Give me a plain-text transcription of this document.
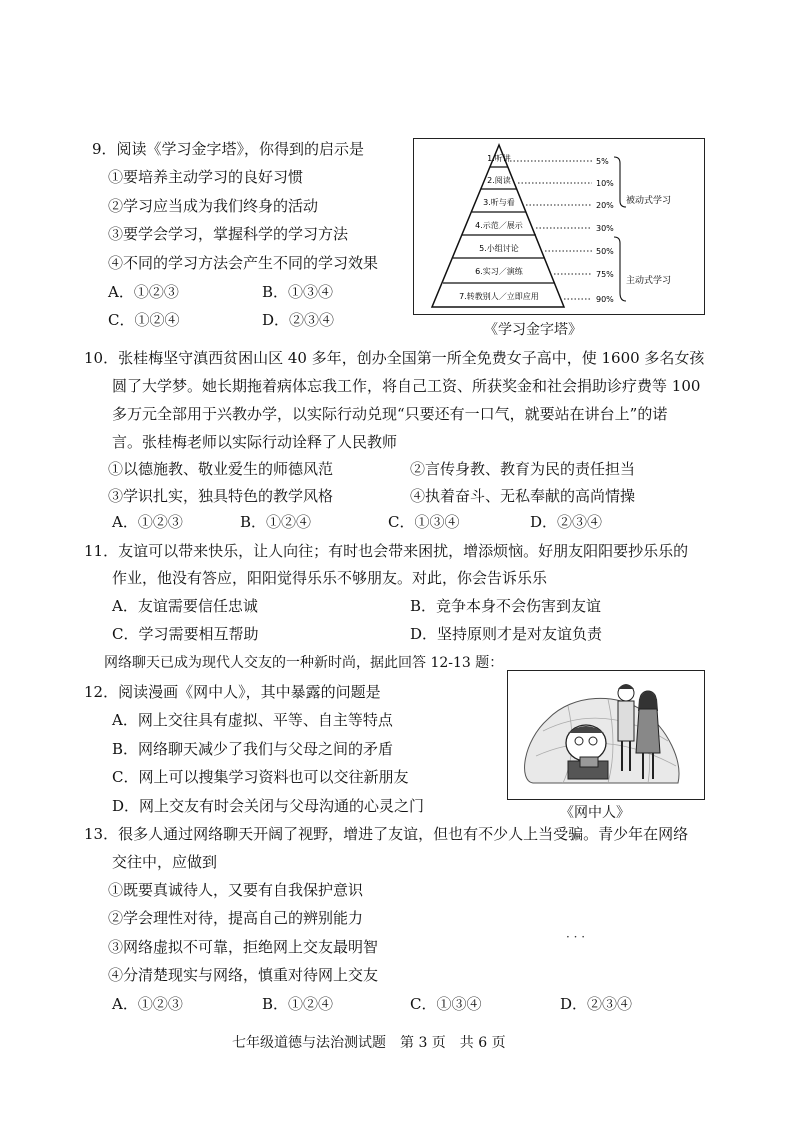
9．阅读《学习金字塔》，你得到的启示是
①要培养主动学习的良好习惯
②学习应当成为我们终身的活动
③要学会学习，掌握科学的学习方法
④不同的学习方法会产生不同的学习效果
A．①②③	B．①③④
C．①②④	D．②③④
1.听讲
2.阅读
3.听与看
4.示范／展示
5.小组讨论
6.实习／演练
7.转教别人／立即应用
5%
10%
20%
30%
50%
75%
90%
被动式学习
主动式学习
《学习金字塔》
10．张桂梅坚守滇西贫困山区 40 多年，创办全国第一所全免费女子高中，使 1600 多名女孩
圆了大学梦。她长期拖着病体忘我工作，将自己工资、所获奖金和社会捐助诊疗费等 100
多万元全部用于兴教办学，以实际行动兑现“只要还有一口气，就要站在讲台上”的诺
言。张桂梅老师以实际行动诠释了人民教师
①以德施教、敬业爱生的师德风范	②言传身教、教育为民的责任担当
③学识扎实，独具特色的教学风格	④执着奋斗、无私奉献的高尚情操
A．①②③	B．①②④	C．①③④	D．②③④
11．友谊可以带来快乐，让人向往；有时也会带来困扰，增添烦恼。好朋友阳阳要抄乐乐的
作业，他没有答应，阳阳觉得乐乐不够朋友。对此，你会告诉乐乐
A．友谊需要信任忠诚	B．竞争本身不会伤害到友谊
C．学习需要相互帮助	D．坚持原则才是对友谊负责
网络聊天已成为现代人交友的一种新时尚，据此回答 12-13 题：
12．阅读漫画《网中人》，其中暴露的问题是
A．网上交往具有虚拟、平等、自主等特点
B．网络聊天减少了我们与父母之间的矛盾
C．网上可以搜集学习资料也可以交往新朋友
D．网上交友有时会关闭与父母沟通的心灵之门	《网中人》
13．很多人通过网络聊天开阔了视野，增进了友谊，但也有不少人上当受骗。青少年在网络
交往中，应做到
①既要真诚待人，又要有自我保护意识
②学会理性对待，提高自己的辨别能力
③网络虚拟不可靠，拒绝网上交友最明智
④分清楚现实与网络，慎重对待网上交友
A．①②③	B．①②④	C．①③④	D．②③④
· · ·
七年级道德与法治测试题　第 3 页　共 6 页
